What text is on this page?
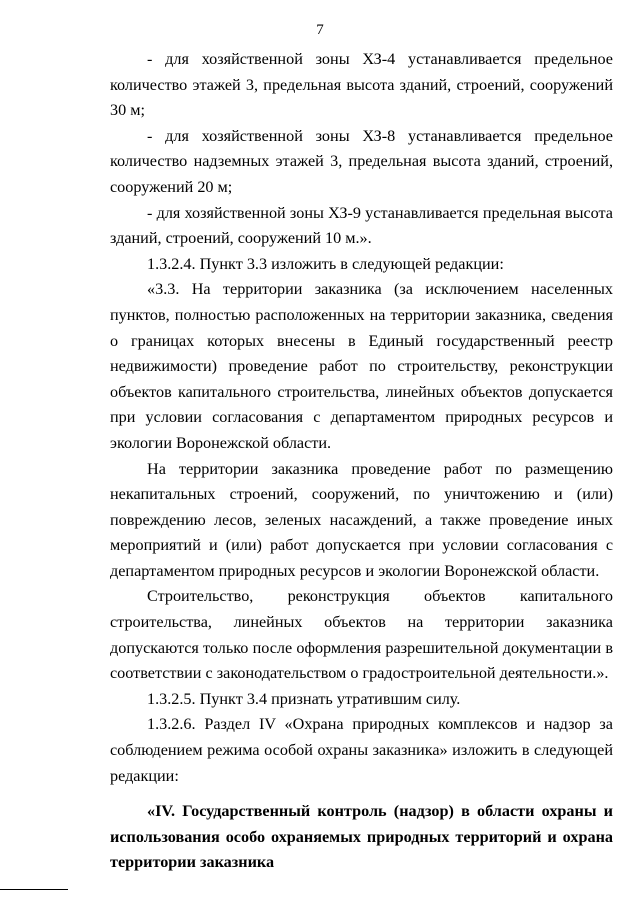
7

- для хозяйственной зоны ХЗ-4 устанавливается предельное количество этажей 3, предельная высота зданий, строений, сооружений 30 м;

- для хозяйственной зоны ХЗ-8 устанавливается предельное количество надземных этажей 3, предельная высота зданий, строений, сооружений 20 м;

- для хозяйственной зоны ХЗ-9 устанавливается предельная высота зданий, строений, сооружений 10 м.».

1.3.2.4. Пункт 3.3 изложить в следующей редакции:

«3.3. На территории заказника (за исключением населенных пунктов, полностью расположенных на территории заказника, сведения о границах которых внесены в Единый государственный реестр недвижимости) проведение работ по строительству, реконструкции объектов капитального строительства, линейных объектов допускается при условии согласования с департаментом природных ресурсов и экологии Воронежской области.

На территории заказника проведение работ по размещению некапитальных строений, сооружений, по уничтожению и (или) повреждению лесов, зеленых насаждений, а также проведение иных мероприятий и (или) работ допускается при условии согласования с департаментом природных ресурсов и экологии Воронежской области.

Строительство, реконструкция объектов капитального строительства, линейных объектов на территории заказника допускаются только после оформления разрешительной документации в соответствии с законодательством о градостроительной деятельности.».

1.3.2.5. Пункт 3.4 признать утратившим силу.

1.3.2.6. Раздел IV «Охрана природных комплексов и надзор за соблюдением режима особой охраны заказника» изложить в следующей редакции:

«IV. Государственный контроль (надзор) в области охраны и использования особо охраняемых природных территорий и охрана территории заказника
